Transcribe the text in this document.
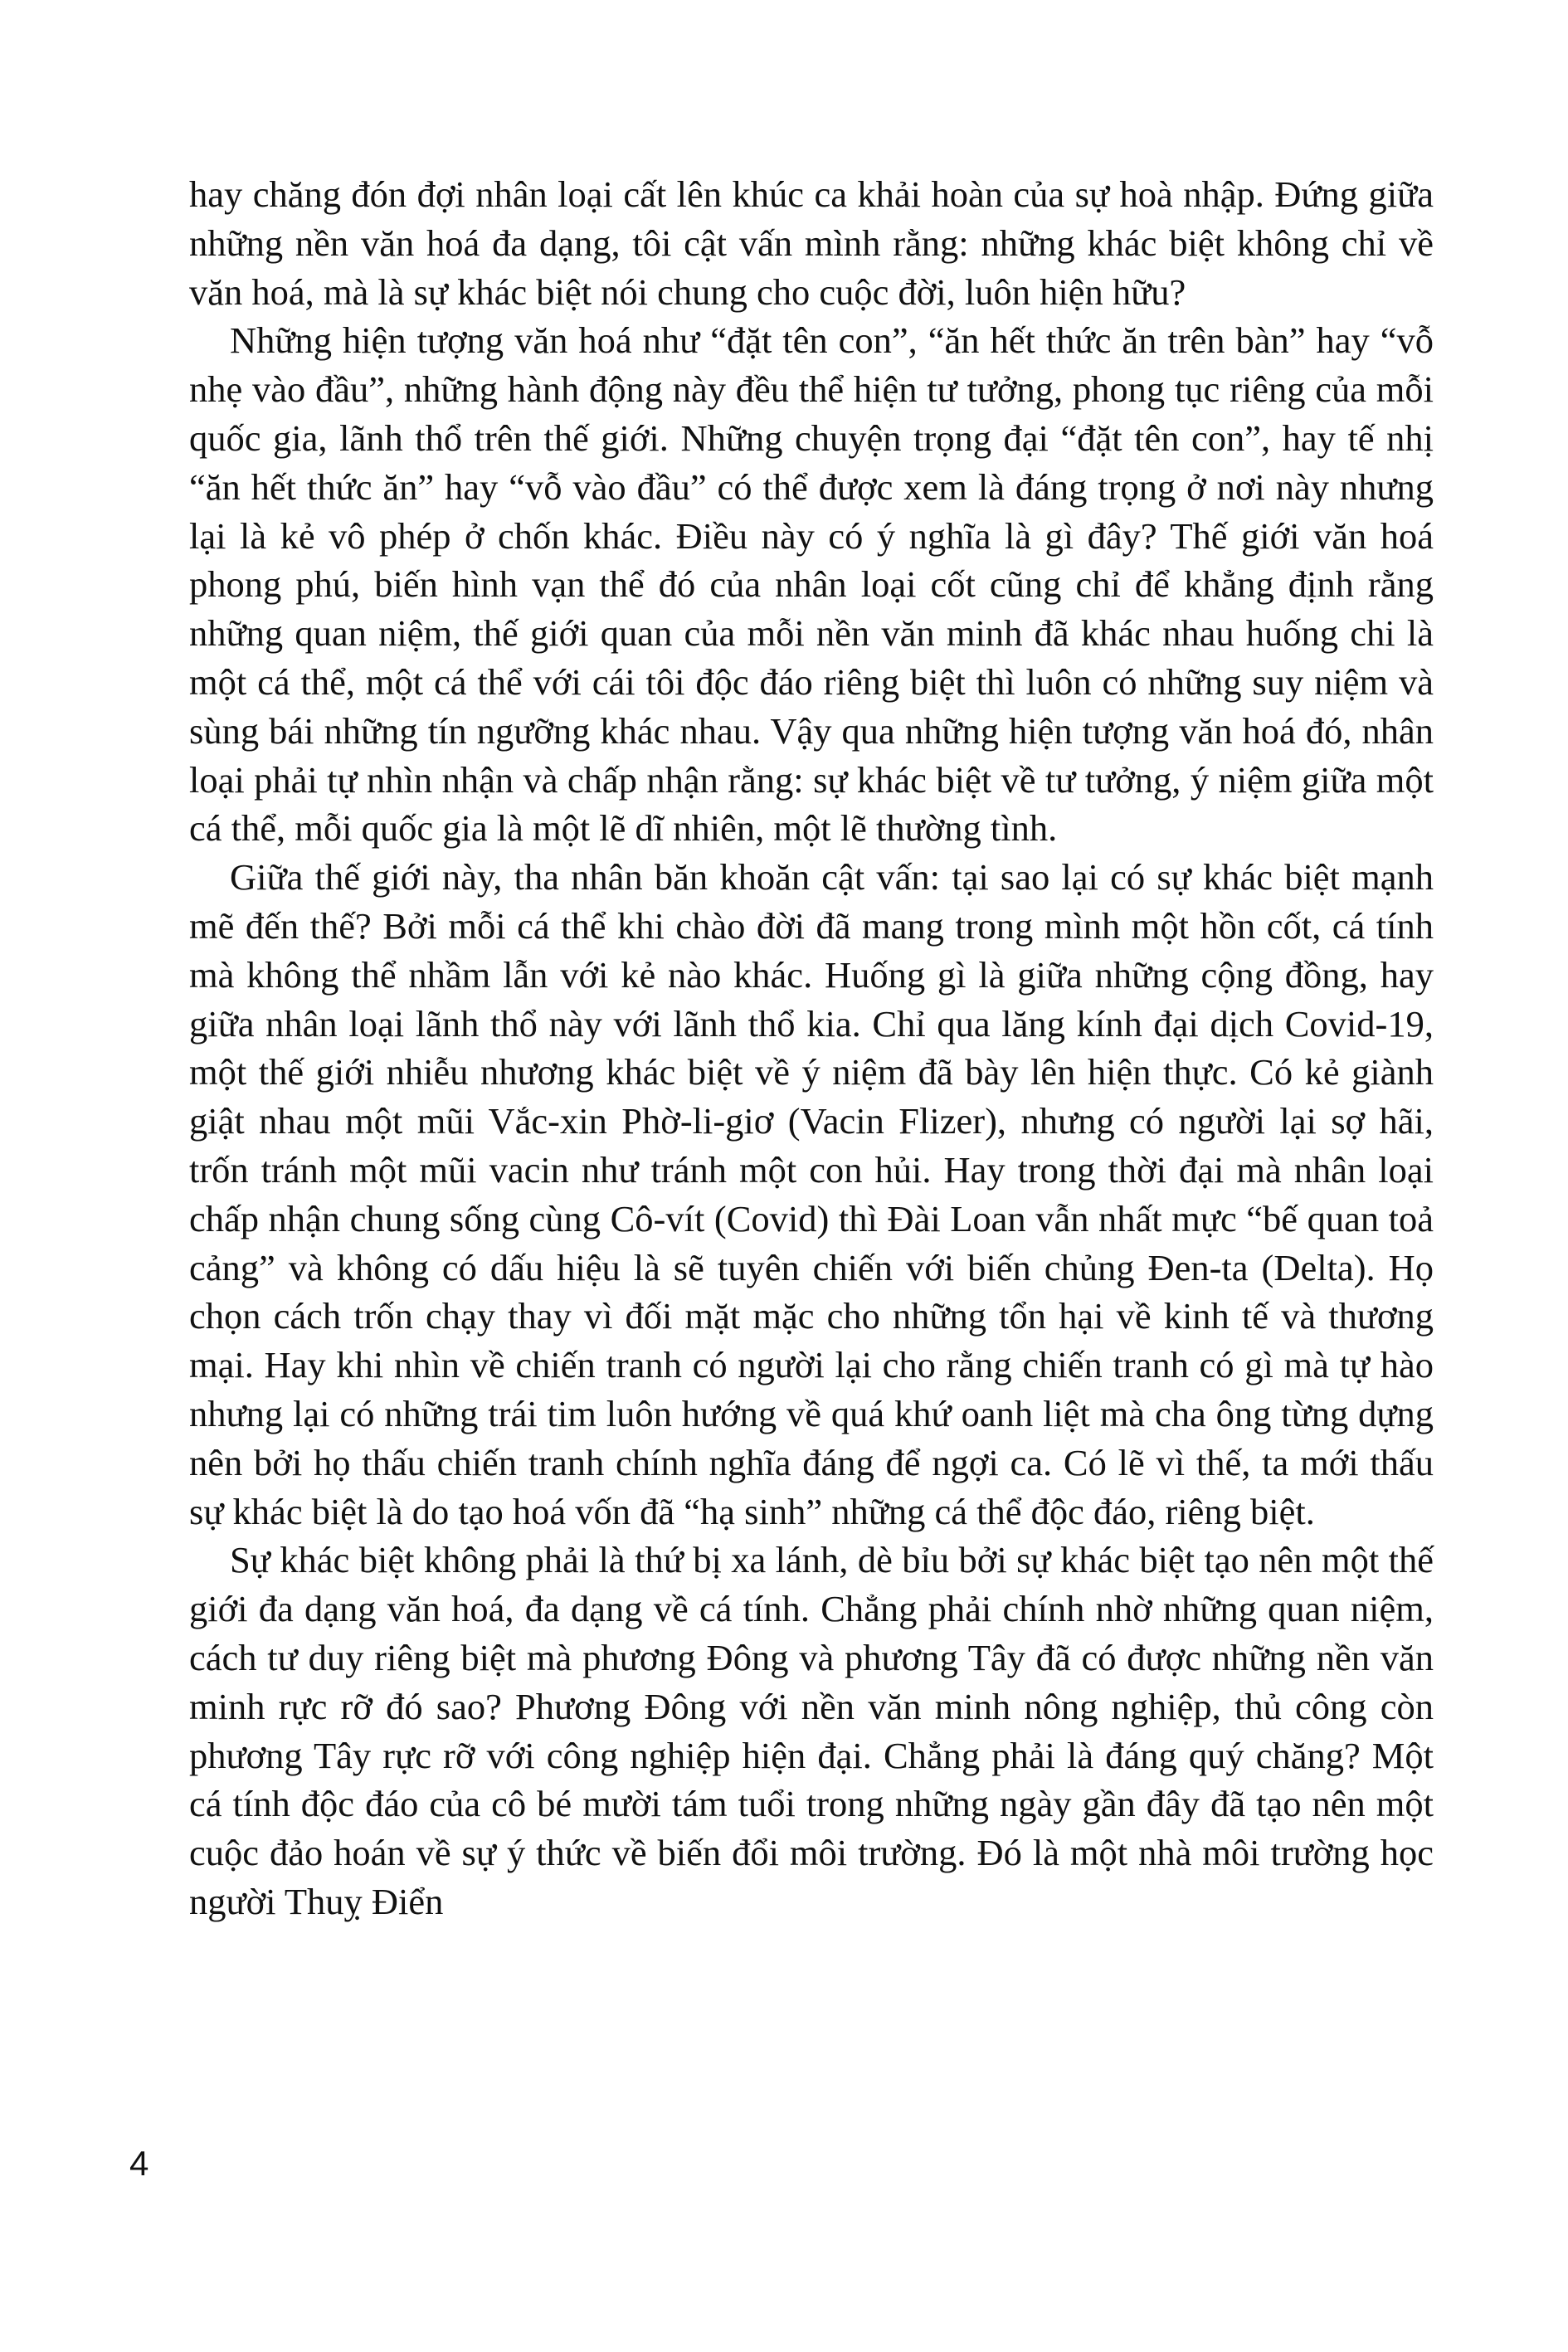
hay chăng đón đợi nhân loại cất lên khúc ca khải hoàn của sự hoà nhập. Đứng giữa những nền văn hoá đa dạng, tôi cật vấn mình rằng: những khác biệt không chỉ về văn hoá, mà là sự khác biệt nói chung cho cuộc đời, luôn hiện hữu?

Những hiện tượng văn hoá như “đặt tên con”, “ăn hết thức ăn trên bàn” hay “vỗ nhẹ vào đầu”, những hành động này đều thể hiện tư tưởng, phong tục riêng của mỗi quốc gia, lãnh thổ trên thế giới. Những chuyện trọng đại “đặt tên con”, hay tế nhị “ăn hết thức ăn” hay “vỗ vào đầu” có thể được xem là đáng trọng ở nơi này nhưng lại là kẻ vô phép ở chốn khác. Điều này có ý nghĩa là gì đây? Thế giới văn hoá phong phú, biến hình vạn thể đó của nhân loại cốt cũng chỉ để khẳng định rằng những quan niệm, thế giới quan của mỗi nền văn minh đã khác nhau huống chi là một cá thể, một cá thể với cái tôi độc đáo riêng biệt thì luôn có những suy niệm và sùng bái những tín ngưỡng khác nhau. Vậy qua những hiện tượng văn hoá đó, nhân loại phải tự nhìn nhận và chấp nhận rằng: sự khác biệt về tư tưởng, ý niệm giữa một cá thể, mỗi quốc gia là một lẽ dĩ nhiên, một lẽ thường tình.

Giữa thế giới này, tha nhân băn khoăn cật vấn: tại sao lại có sự khác biệt mạnh mẽ đến thế? Bởi mỗi cá thể khi chào đời đã mang trong mình một hồn cốt, cá tính mà không thể nhầm lẫn với kẻ nào khác. Huống gì là giữa những cộng đồng, hay giữa nhân loại lãnh thổ này với lãnh thổ kia. Chỉ qua lăng kính đại dịch Covid-19, một thế giới nhiễu nhương khác biệt về ý niệm đã bày lên hiện thực. Có kẻ giành giật nhau một mũi Vắc-xin Phờ-li-giơ (Vacin Flizer), nhưng có người lại sợ hãi, trốn tránh một mũi vacin như tránh một con hủi. Hay trong thời đại mà nhân loại chấp nhận chung sống cùng Cô-vít (Covid) thì Đài Loan vẫn nhất mực “bế quan toả cảng” và không có dấu hiệu là sẽ tuyên chiến với biến chủng Đen-ta (Delta). Họ chọn cách trốn chạy thay vì đối mặt mặc cho những tổn hại về kinh tế và thương mại. Hay khi nhìn về chiến tranh có người lại cho rằng chiến tranh có gì mà tự hào nhưng lại có những trái tim luôn hướng về quá khứ oanh liệt mà cha ông từng dựng nên bởi họ thấu chiến tranh chính nghĩa đáng để ngợi ca. Có lẽ vì thế, ta mới thấu sự khác biệt là do tạo hoá vốn đã “hạ sinh” những cá thể độc đáo, riêng biệt.

Sự khác biệt không phải là thứ bị xa lánh, dè bỉu bởi sự khác biệt tạo nên một thế giới đa dạng văn hoá, đa dạng về cá tính. Chẳng phải chính nhờ những quan niệm, cách tư duy riêng biệt mà phương Đông và phương Tây đã có được những nền văn minh rực rỡ đó sao? Phương Đông với nền văn minh nông nghiệp, thủ công còn phương Tây rực rỡ với công nghiệp hiện đại. Chẳng phải là đáng quý chăng? Một cá tính độc đáo của cô bé mười tám tuổi trong những ngày gần đây đã tạo nên một cuộc đảo hoán về sự ý thức về biến đổi môi trường. Đó là một nhà môi trường học người Thuỵ Điển

4
